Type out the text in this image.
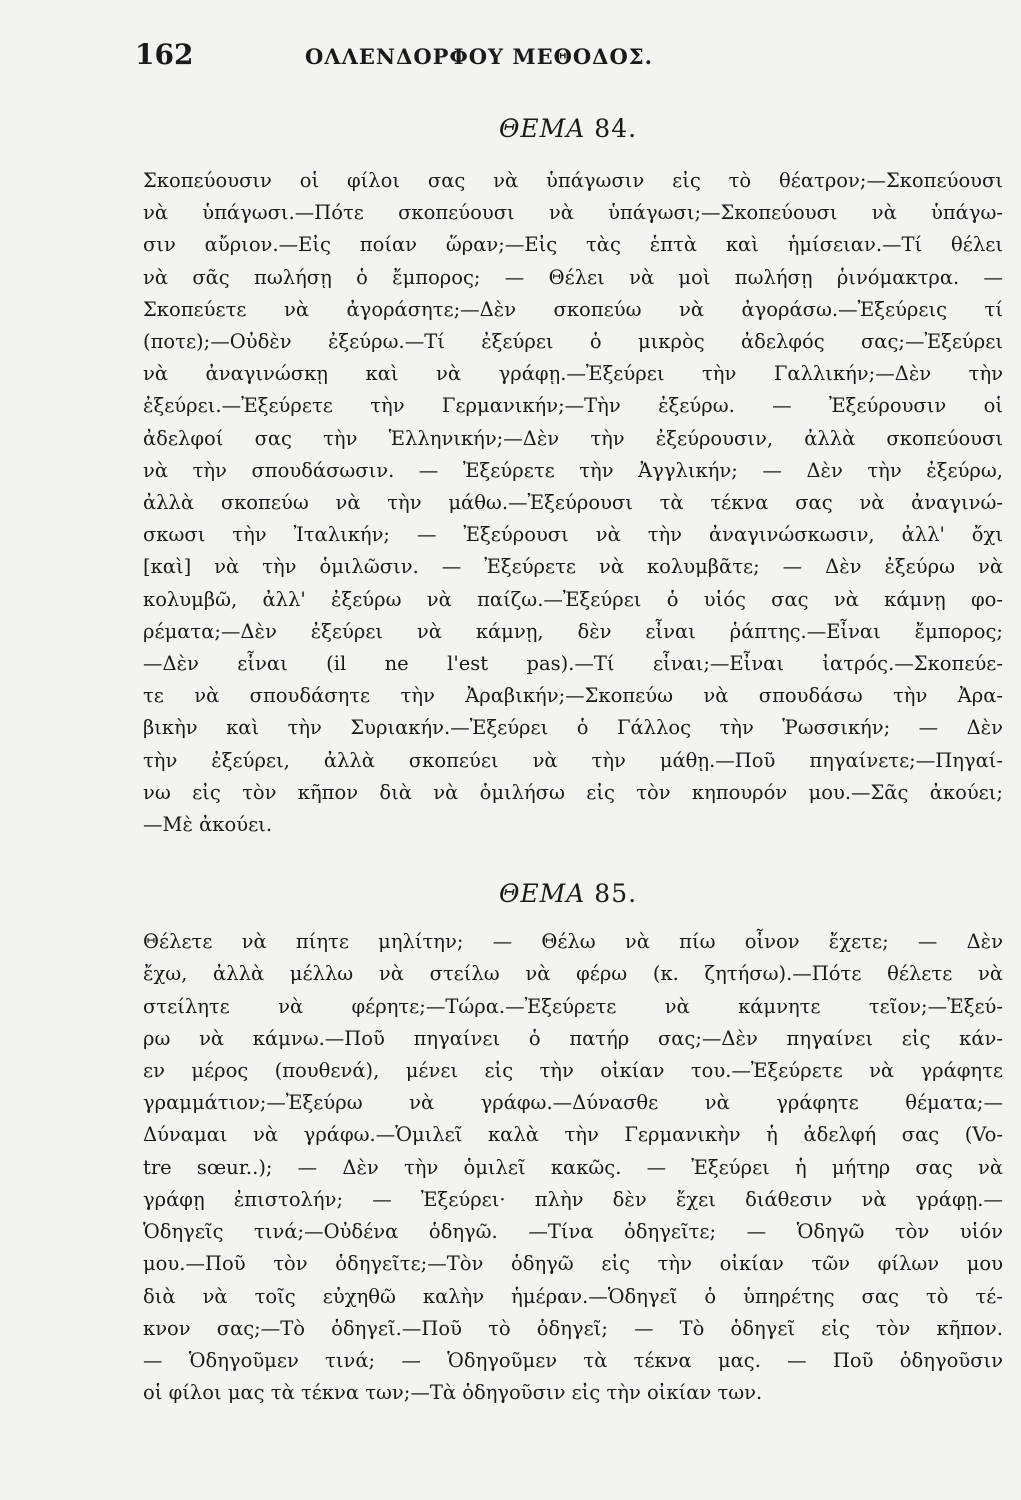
162	ΟΛΛΕΝΔΟΡΦΟΥ ΜΕΘΟΔΟΣ.
ΘΕΜΑ 84.
Σκοπεύουσιν οἱ φίλοι σας νὰ ὑπάγωσιν εἰς τὸ θέατρον;—Σκοπεύουσι
νὰ ὑπάγωσι.—Πότε σκοπεύουσι νὰ ὑπάγωσι;—Σκοπεύουσι νὰ ὑπάγω-
σιν αὔριον.—Εἰς ποίαν ὥραν;—Εἰς τὰς ἑπτὰ καὶ ἡμίσειαν.—Τί θέλει
νὰ σᾶς πωλήσῃ ὁ ἔμπορος; — Θέλει νὰ μοὶ πωλήσῃ ῥινόμακτρα. —
Σκοπεύετε νὰ ἀγοράσητε;—Δὲν σκοπεύω νὰ ἀγοράσω.—Ἐξεύρεις τί
(ποτε);—Οὐδὲν ἐξεύρω.—Τί ἐξεύρει ὁ μικρὸς ἀδελφός σας;—Ἐξεύρει
νὰ ἀναγινώσκῃ καὶ νὰ γράφῃ.—Ἐξεύρει τὴν Γαλλικήν;—Δὲν τὴν
ἐξεύρει.—Ἐξεύρετε τὴν Γερμανικήν;—Τὴν ἐξεύρω. — Ἐξεύρουσιν οἱ
ἀδελφοί σας τὴν Ἑλληνικήν;—Δὲν τὴν ἐξεύρουσιν, ἀλλὰ σκοπεύουσι
νὰ τὴν σπουδάσωσιν. — Ἐξεύρετε τὴν Ἀγγλικήν; — Δὲν τὴν ἐξεύρω,
ἀλλὰ σκοπεύω νὰ τὴν μάθω.—Ἐξεύρουσι τὰ τέκνα σας νὰ ἀναγινώ-
σκωσι τὴν Ἰταλικήν; — Ἐξεύρουσι νὰ τὴν ἀναγινώσκωσιν, ἀλλ' ὄχι
[καὶ] νὰ τὴν ὁμιλῶσιν. — Ἐξεύρετε νὰ κολυμβᾶτε; — Δὲν ἐξεύρω νὰ
κολυμβῶ, ἀλλ' ἐξεύρω νὰ παίζω.—Ἐξεύρει ὁ υἱός σας νὰ κάμνῃ φο-
ρέματα;—Δὲν ἐξεύρει νὰ κάμνῃ, δὲν εἶναι ῥάπτης.—Εἶναι ἔμπορος;
—Δὲν εἶναι (il ne l'est pas).—Τί εἶναι;—Εἶναι ἰατρός.—Σκοπεύε-
τε νὰ σπουδάσητε τὴν Ἀραβικήν;—Σκοπεύω νὰ σπουδάσω τὴν Ἀρα-
βικὴν καὶ τὴν Συριακήν.—Ἐξεύρει ὁ Γάλλος τὴν Ῥωσσικήν; — Δὲν
τὴν ἐξεύρει, ἀλλὰ σκοπεύει νὰ τὴν μάθῃ.—Ποῦ πηγαίνετε;—Πηγαί-
νω εἰς τὸν κῆπον διὰ νὰ ὁμιλήσω εἰς τὸν κηπουρόν μου.—Σᾶς ἀκούει;
—Μὲ ἀκούει.
ΘΕΜΑ 85.
Θέλετε νὰ πίητε μηλίτην; — Θέλω νὰ πίω οἶνον ἔχετε; — Δὲν
ἔχω, ἀλλὰ μέλλω νὰ στείλω νὰ φέρω (κ. ζητήσω).—Πότε θέλετε νὰ
στείλητε νὰ φέρητε;—Τώρα.—Ἐξεύρετε νὰ κάμνητε τεῖον;—Ἐξεύ-
ρω νὰ κάμνω.—Ποῦ πηγαίνει ὁ πατήρ σας;—Δὲν πηγαίνει εἰς κάν-
εν μέρος (πουθενά), μένει εἰς τὴν οἰκίαν του.—Ἐξεύρετε νὰ γράφητε
γραμμάτιον;—Ἐξεύρω νὰ γράφω.—Δύνασθε νὰ γράφητε θέματα;—
Δύναμαι νὰ γράφω.—Ὁμιλεῖ καλὰ τὴν Γερμανικὴν ἡ ἀδελφή σας (Vo-
tre sœur..); — Δὲν τὴν ὁμιλεῖ κακῶς. — Ἐξεύρει ἡ μήτηρ σας νὰ
γράφῃ ἐπιστολήν; — Ἐξεύρει· πλὴν δὲν ἔχει διάθεσιν νὰ γράφῃ.—
Ὁδηγεῖς τινά;—Οὐδένα ὁδηγῶ. —Τίνα ὁδηγεῖτε; — Ὁδηγῶ τὸν υἱόν
μου.—Ποῦ τὸν ὁδηγεῖτε;—Τὸν ὁδηγῶ εἰς τὴν οἰκίαν τῶν φίλων μου
διὰ νὰ τοῖς εὐχηθῶ καλὴν ἡμέραν.—Ὁδηγεῖ ὁ ὑπηρέτης σας τὸ τέ-
κνον σας;—Τὸ ὁδηγεῖ.—Ποῦ τὸ ὁδηγεῖ; — Τὸ ὁδηγεῖ εἰς τὸν κῆπον.
— Ὁδηγοῦμεν τινά; — Ὁδηγοῦμεν τὰ τέκνα μας. — Ποῦ ὁδηγοῦσιν
οἱ φίλοι μας τὰ τέκνα των;—Τὰ ὁδηγοῦσιν εἰς τὴν οἰκίαν των.
